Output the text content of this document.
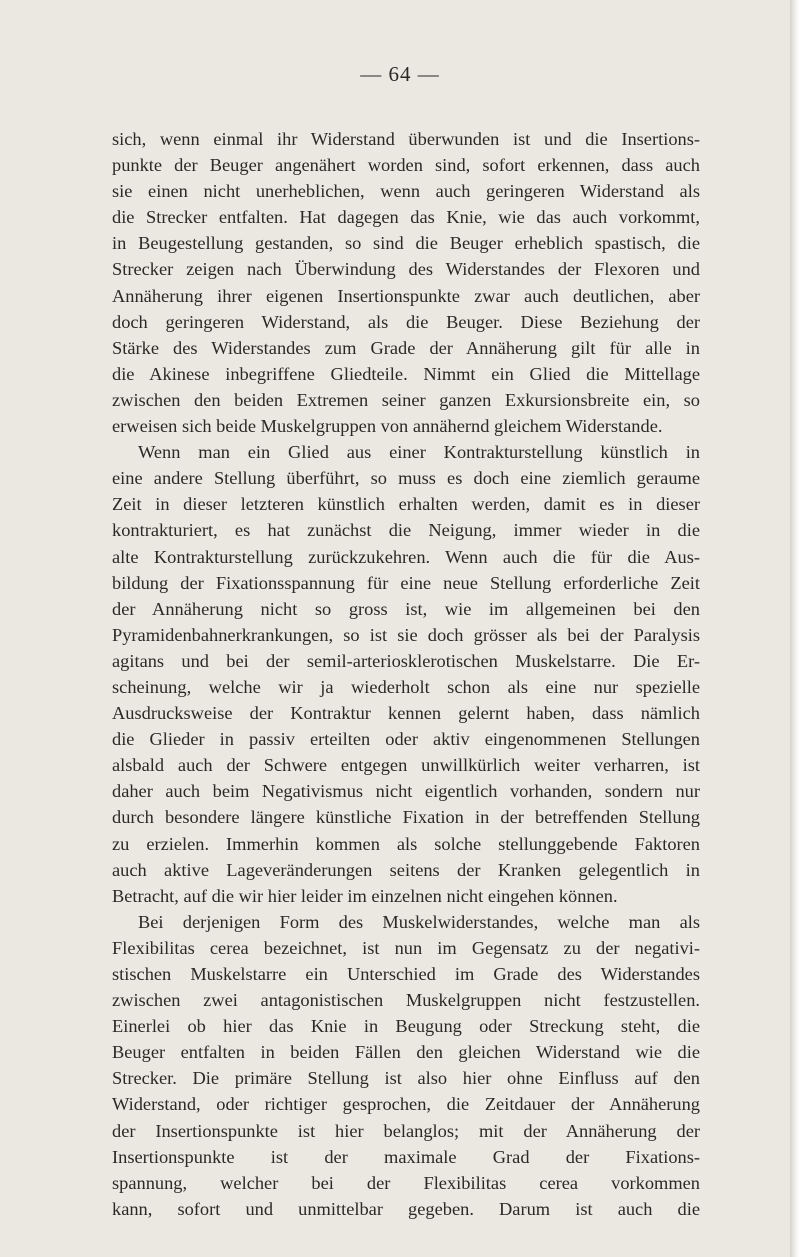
— 64 —
sich, wenn einmal ihr Widerstand überwunden ist und die Insertions-
punkte der Beuger angenähert worden sind, sofort erkennen, dass auch
sie einen nicht unerheblichen, wenn auch geringeren Widerstand als
die Strecker entfalten. Hat dagegen das Knie, wie das auch vorkommt,
in Beugestellung gestanden, so sind die Beuger erheblich spastisch, die
Strecker zeigen nach Überwindung des Widerstandes der Flexoren und
Annäherung ihrer eigenen Insertionspunkte zwar auch deutlichen, aber
doch geringeren Widerstand, als die Beuger. Diese Beziehung der
Stärke des Widerstandes zum Grade der Annäherung gilt für alle in
die Akinese inbegriffene Gliedteile. Nimmt ein Glied die Mittellage
zwischen den beiden Extremen seiner ganzen Exkursionsbreite ein, so
erweisen sich beide Muskelgruppen von annähernd gleichem Widerstande.
Wenn man ein Glied aus einer Kontrakturstellung künstlich in
eine andere Stellung überführt, so muss es doch eine ziemlich geraume
Zeit in dieser letzteren künstlich erhalten werden, damit es in dieser
kontrakturiert, es hat zunächst die Neigung, immer wieder in die
alte Kontrakturstellung zurückzukehren. Wenn auch die für die Aus-
bildung der Fixationsspannung für eine neue Stellung erforderliche Zeit
der Annäherung nicht so gross ist, wie im allgemeinen bei den
Pyramidenbahnerkrankungen, so ist sie doch grösser als bei der Paralysis
agitans und bei der semil-arteriosklerotischen Muskelstarre. Die Er-
scheinung, welche wir ja wiederholt schon als eine nur spezielle
Ausdrucksweise der Kontraktur kennen gelernt haben, dass nämlich
die Glieder in passiv erteilten oder aktiv eingenommenen Stellungen
alsbald auch der Schwere entgegen unwillkürlich weiter verharren, ist
daher auch beim Negativismus nicht eigentlich vorhanden, sondern nur
durch besondere längere künstliche Fixation in der betreffenden Stellung
zu erzielen. Immerhin kommen als solche stellunggebende Faktoren
auch aktive Lageveränderungen seitens der Kranken gelegentlich in
Betracht, auf die wir hier leider im einzelnen nicht eingehen können.
Bei derjenigen Form des Muskelwiderstandes, welche man als
Flexibilitas cerea bezeichnet, ist nun im Gegensatz zu der negativi-
stischen Muskelstarre ein Unterschied im Grade des Widerstandes
zwischen zwei antagonistischen Muskelgruppen nicht festzustellen.
Einerlei ob hier das Knie in Beugung oder Streckung steht, die
Beuger entfalten in beiden Fällen den gleichen Widerstand wie die
Strecker. Die primäre Stellung ist also hier ohne Einfluss auf den
Widerstand, oder richtiger gesprochen, die Zeitdauer der Annäherung
der Insertionspunkte ist hier belanglos; mit der Annäherung der
Insertionspunkte ist der maximale Grad der Fixations-
spannung, welcher bei der Flexibilitas cerea vorkommen
kann, sofort und unmittelbar gegeben. Darum ist auch die
